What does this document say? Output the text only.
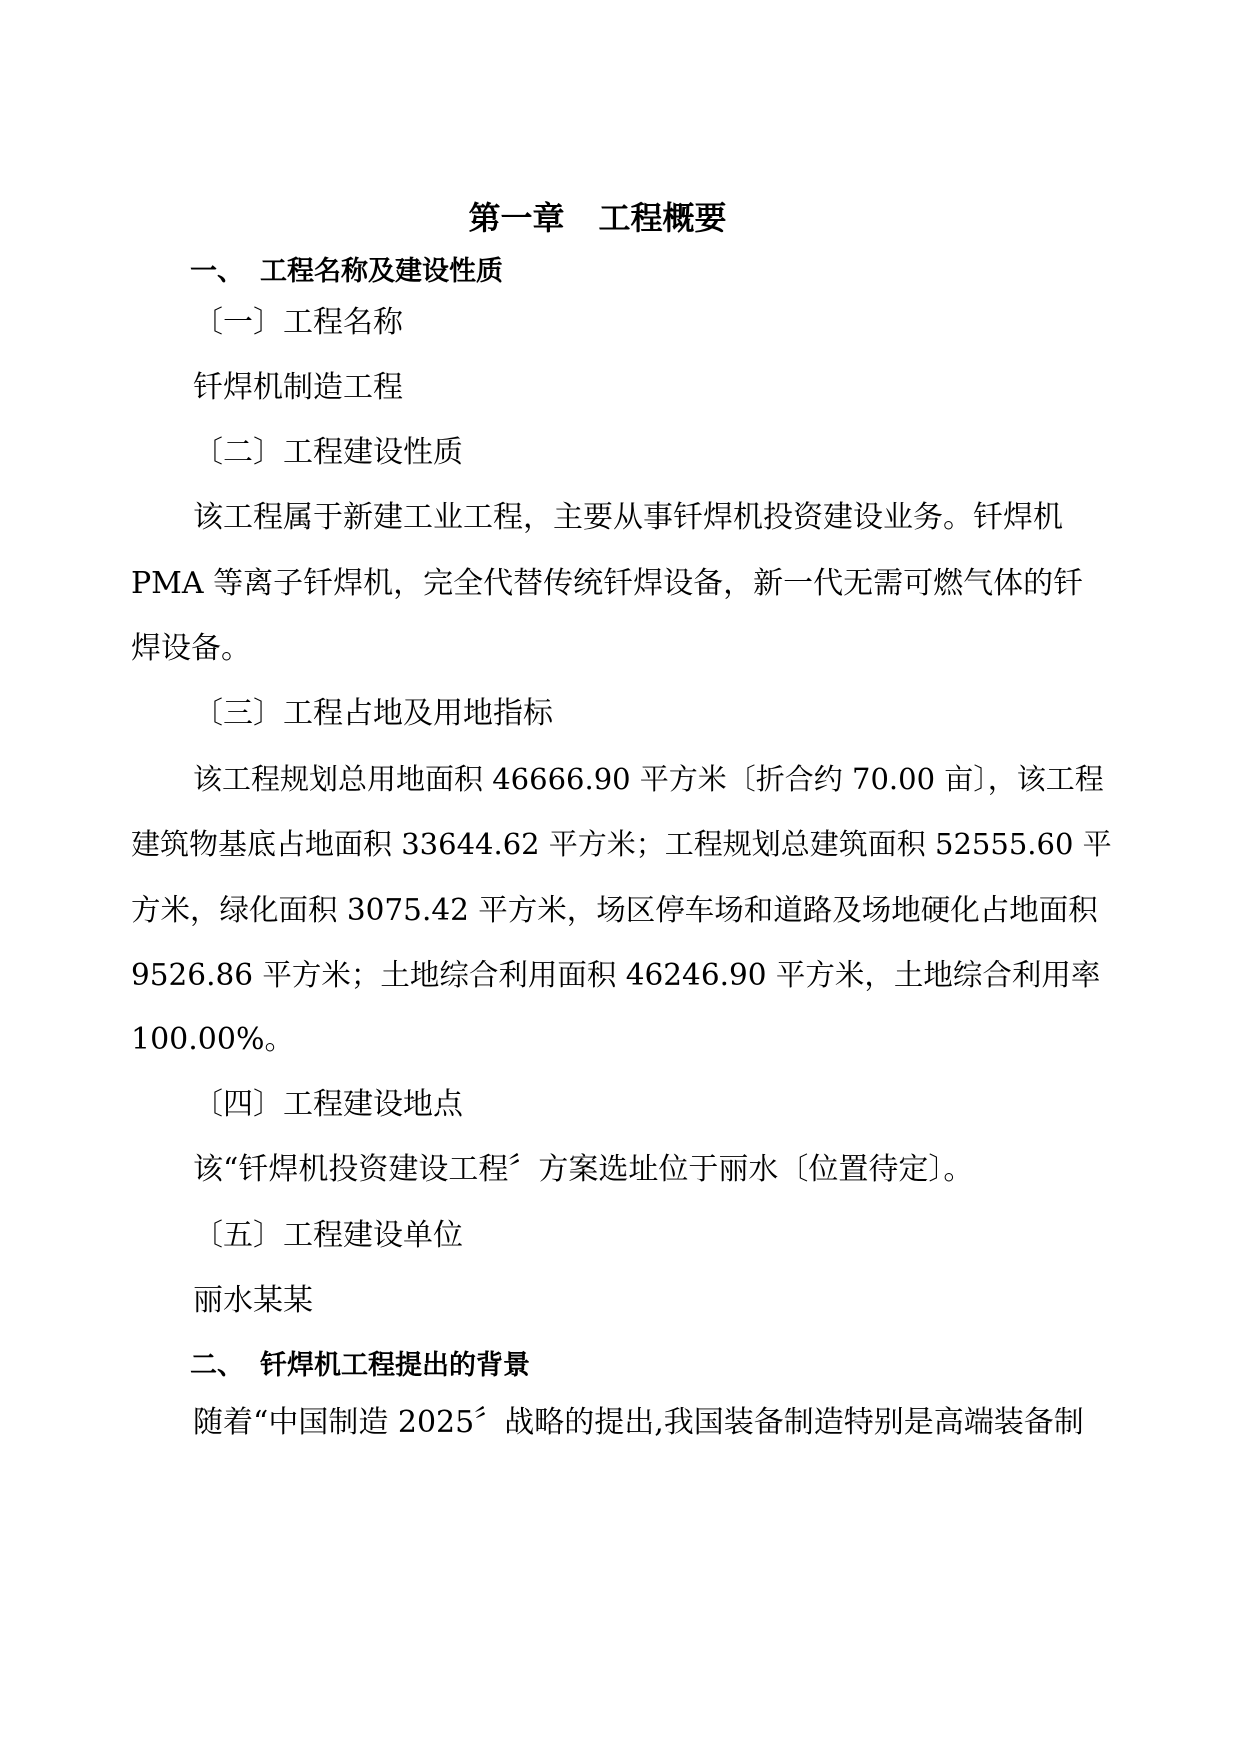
第一章 工程概要
一、 工程名称及建设性质
〔一〕工程名称
钎焊机制造工程
〔二〕工程建设性质
该工程属于新建工业工程，主要从事钎焊机投资建设业务。钎焊机
PMA 等离子钎焊机，完全代替传统钎焊设备，新一代无需可燃气体的钎
焊设备。
〔三〕工程占地及用地指标
该工程规划总用地面积 46666.90 平方米〔折合约 70.00 亩〕，该工程
建筑物基底占地面积 33644.62 平方米；工程规划总建筑面积 52555.60 平
方米，绿化面积 3075.42 平方米，场区停车场和道路及场地硬化占地面积
9526.86 平方米；土地综合利用面积 46246.90 平方米，土地综合利用率
100.00%。
〔四〕工程建设地点
该“钎焊机投资建设工程〞方案选址位于丽水〔位置待定〕。
〔五〕工程建设单位
丽水某某
二、 钎焊机工程提出的背景
随着“中国制造 2025〞战略的提出,我国装备制造特别是高端装备制
